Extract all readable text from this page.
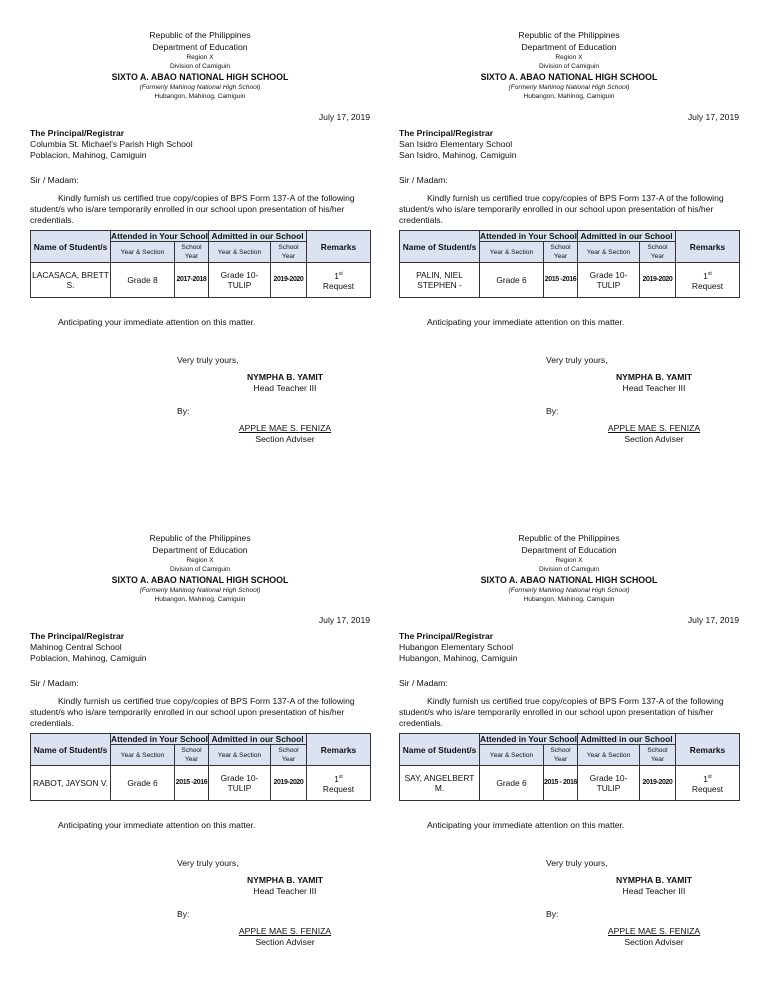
Republic of the Philippines
Department of Education
Region X
Division of Camiguin
SIXTO A. ABAO NATIONAL HIGH SCHOOL
(Formerly Mahinog National High School)
Hubangon, Mahinog, Camiguin
July 17, 2019
The Principal/Registrar
Columbia St. Michael's Parish High School
Poblacion, Mahinog, Camiguin
Sir / Madam:
Kindly furnish us certified true copy/copies of BPS Form 137-A of the following student/s who is/are temporarily enrolled in our school upon presentation of his/her credentials.
Name of Student/s	Attended in Your School		Admitted in our School		Remarks
	Year & Section	School Year	Year & Section	School Year	
LACASACA, BRETT S.	Grade 8	2017-2018	Grade 10- TULIP	2019-2020	1st
Request
Anticipating your immediate attention on this matter.
Very truly yours,
NYMPHA B. YAMIT
Head Teacher III
By:
APPLE MAE S. FENIZA
Section Adviser
Republic of the Philippines
Department of Education
Region X
Division of Camiguin
SIXTO A. ABAO NATIONAL HIGH SCHOOL
(Formerly Mahinog National High School)
Hubangon, Mahinog, Camiguin
July 17, 2019
The Principal/Registrar
San Isidro Elementary School
San Isidro, Mahinog, Camiguin
Sir / Madam:
Kindly furnish us certified true copy/copies of BPS Form 137-A of the following student/s who is/are temporarily enrolled in our school upon presentation of his/her credentials.
Name of Student/s	Attended in Your School		Admitted in our School		Remarks
	Year & Section	School Year	Year & Section	School Year	
PALIN, NIEL STEPHEN -	Grade 6	2015 -2016	Grade 10- TULIP	2019-2020	1st
Request
Anticipating your immediate attention on this matter.
Very truly yours,
NYMPHA B. YAMIT
Head Teacher III
By:
APPLE MAE S. FENIZA
Section Adviser
Republic of the Philippines
Department of Education
Region X
Division of Camiguin
SIXTO A. ABAO NATIONAL HIGH SCHOOL
(Formerly Mahinog National High School)
Hubangon, Mahinog, Camiguin
July 17, 2019
The Principal/Registrar
Mahinog Central School
Poblacion, Mahinog, Camiguin
Sir / Madam:
Kindly furnish us certified true copy/copies of BPS Form 137-A of the following student/s who is/are temporarily enrolled in our school upon presentation of his/her credentials.
Name of Student/s	Attended in Your School		Admitted in our School		Remarks
	Year & Section	School Year	Year & Section	School Year	
RABOT, JAYSON V.	Grade 6	2015 -2016	Grade 10- TULIP	2019-2020	1st
Request
Anticipating your immediate attention on this matter.
Very truly yours,
NYMPHA B. YAMIT
Head Teacher III
By:
APPLE MAE S. FENIZA
Section Adviser
Republic of the Philippines
Department of Education
Region X
Division of Camiguin
SIXTO A. ABAO NATIONAL HIGH SCHOOL
(Formerly Mahinog National High School)
Hubangon, Mahinog, Camiguin
July 17, 2019
The Principal/Registrar
Hubangon Elementary School
Hubangon, Mahinog, Camiguin
Sir / Madam:
Kindly furnish us certified true copy/copies of BPS Form 137-A of the following student/s who is/are temporarily enrolled in our school upon presentation of his/her credentials.
Name of Student/s	Attended in Your School		Admitted in our School		Remarks
	Year & Section	School Year	Year & Section	School Year	
SAY, ANGELBERT M.	Grade 6	2015 - 2016	Grade 10- TULIP	2019-2020	1st
Request
Anticipating your immediate attention on this matter.
Very truly yours,
NYMPHA B. YAMIT
Head Teacher III
By:
APPLE MAE S. FENIZA
Section Adviser
